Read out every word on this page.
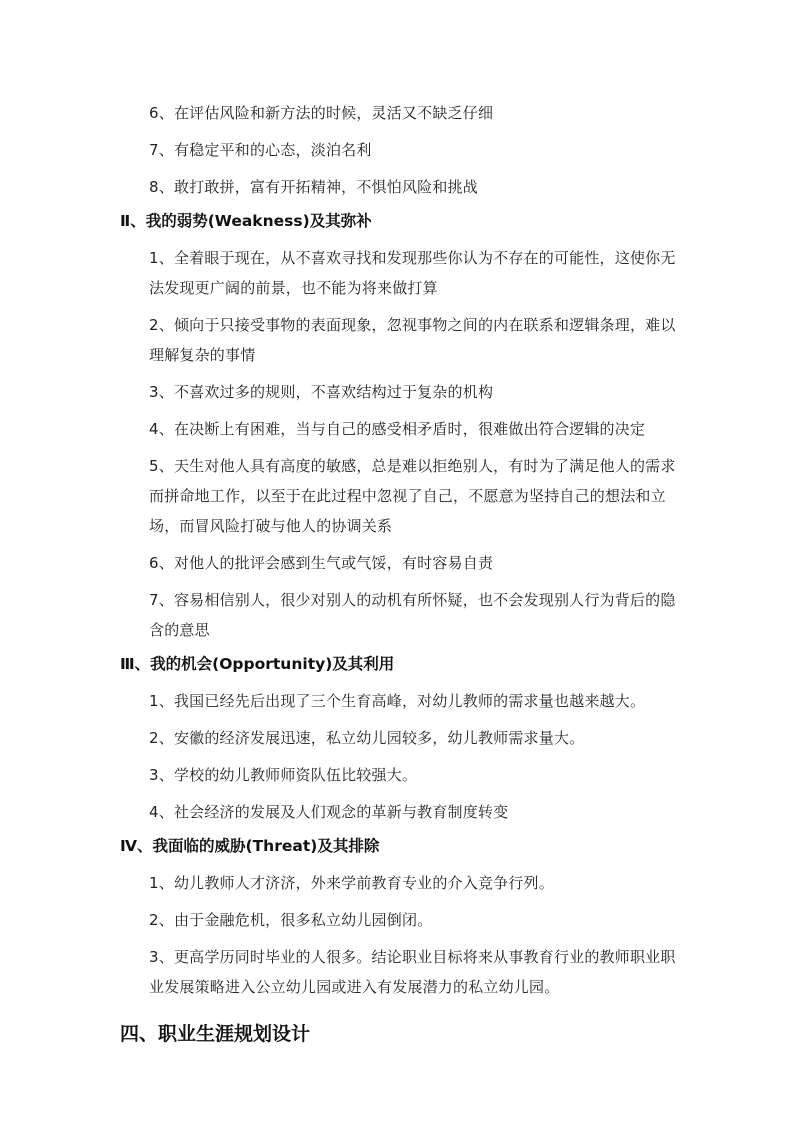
6、在评估风险和新方法的时候，灵活又不缺乏仔细
7、有稳定平和的心态，淡泊名利
8、敢打敢拼，富有开拓精神，不惧怕风险和挑战
Ⅱ、我的弱势(Weakness)及其弥补
1、全着眼于现在，从不喜欢寻找和发现那些你认为不存在的可能性，这使你无法发现更广阔的前景，也不能为将来做打算
2、倾向于只接受事物的表面现象，忽视事物之间的内在联系和逻辑条理，难以理解复杂的事情
3、不喜欢过多的规则，不喜欢结构过于复杂的机构
4、在决断上有困难，当与自己的感受相矛盾时，很难做出符合逻辑的决定
5、天生对他人具有高度的敏感，总是难以拒绝别人，有时为了满足他人的需求而拼命地工作，以至于在此过程中忽视了自己，不愿意为坚持自己的想法和立场，而冒风险打破与他人的协调关系
6、对他人的批评会感到生气或气馁，有时容易自责
7、容易相信别人，很少对别人的动机有所怀疑，也不会发现别人行为背后的隐含的意思
Ⅲ、我的机会(Opportunity)及其利用
1、我国已经先后出现了三个生育高峰，对幼儿教师的需求量也越来越大。
2、安徽的经济发展迅速，私立幼儿园较多，幼儿教师需求量大。
3、学校的幼儿教师师资队伍比较强大。
4、社会经济的发展及人们观念的革新与教育制度转变
Ⅳ、我面临的威胁(Threat)及其排除
1、幼儿教师人才济济，外来学前教育专业的介入竞争行列。
2、由于金融危机，很多私立幼儿园倒闭。
3、更高学历同时毕业的人很多。结论职业目标将来从事教育行业的教师职业职业发展策略进入公立幼儿园或进入有发展潜力的私立幼儿园。
四、职业生涯规划设计
